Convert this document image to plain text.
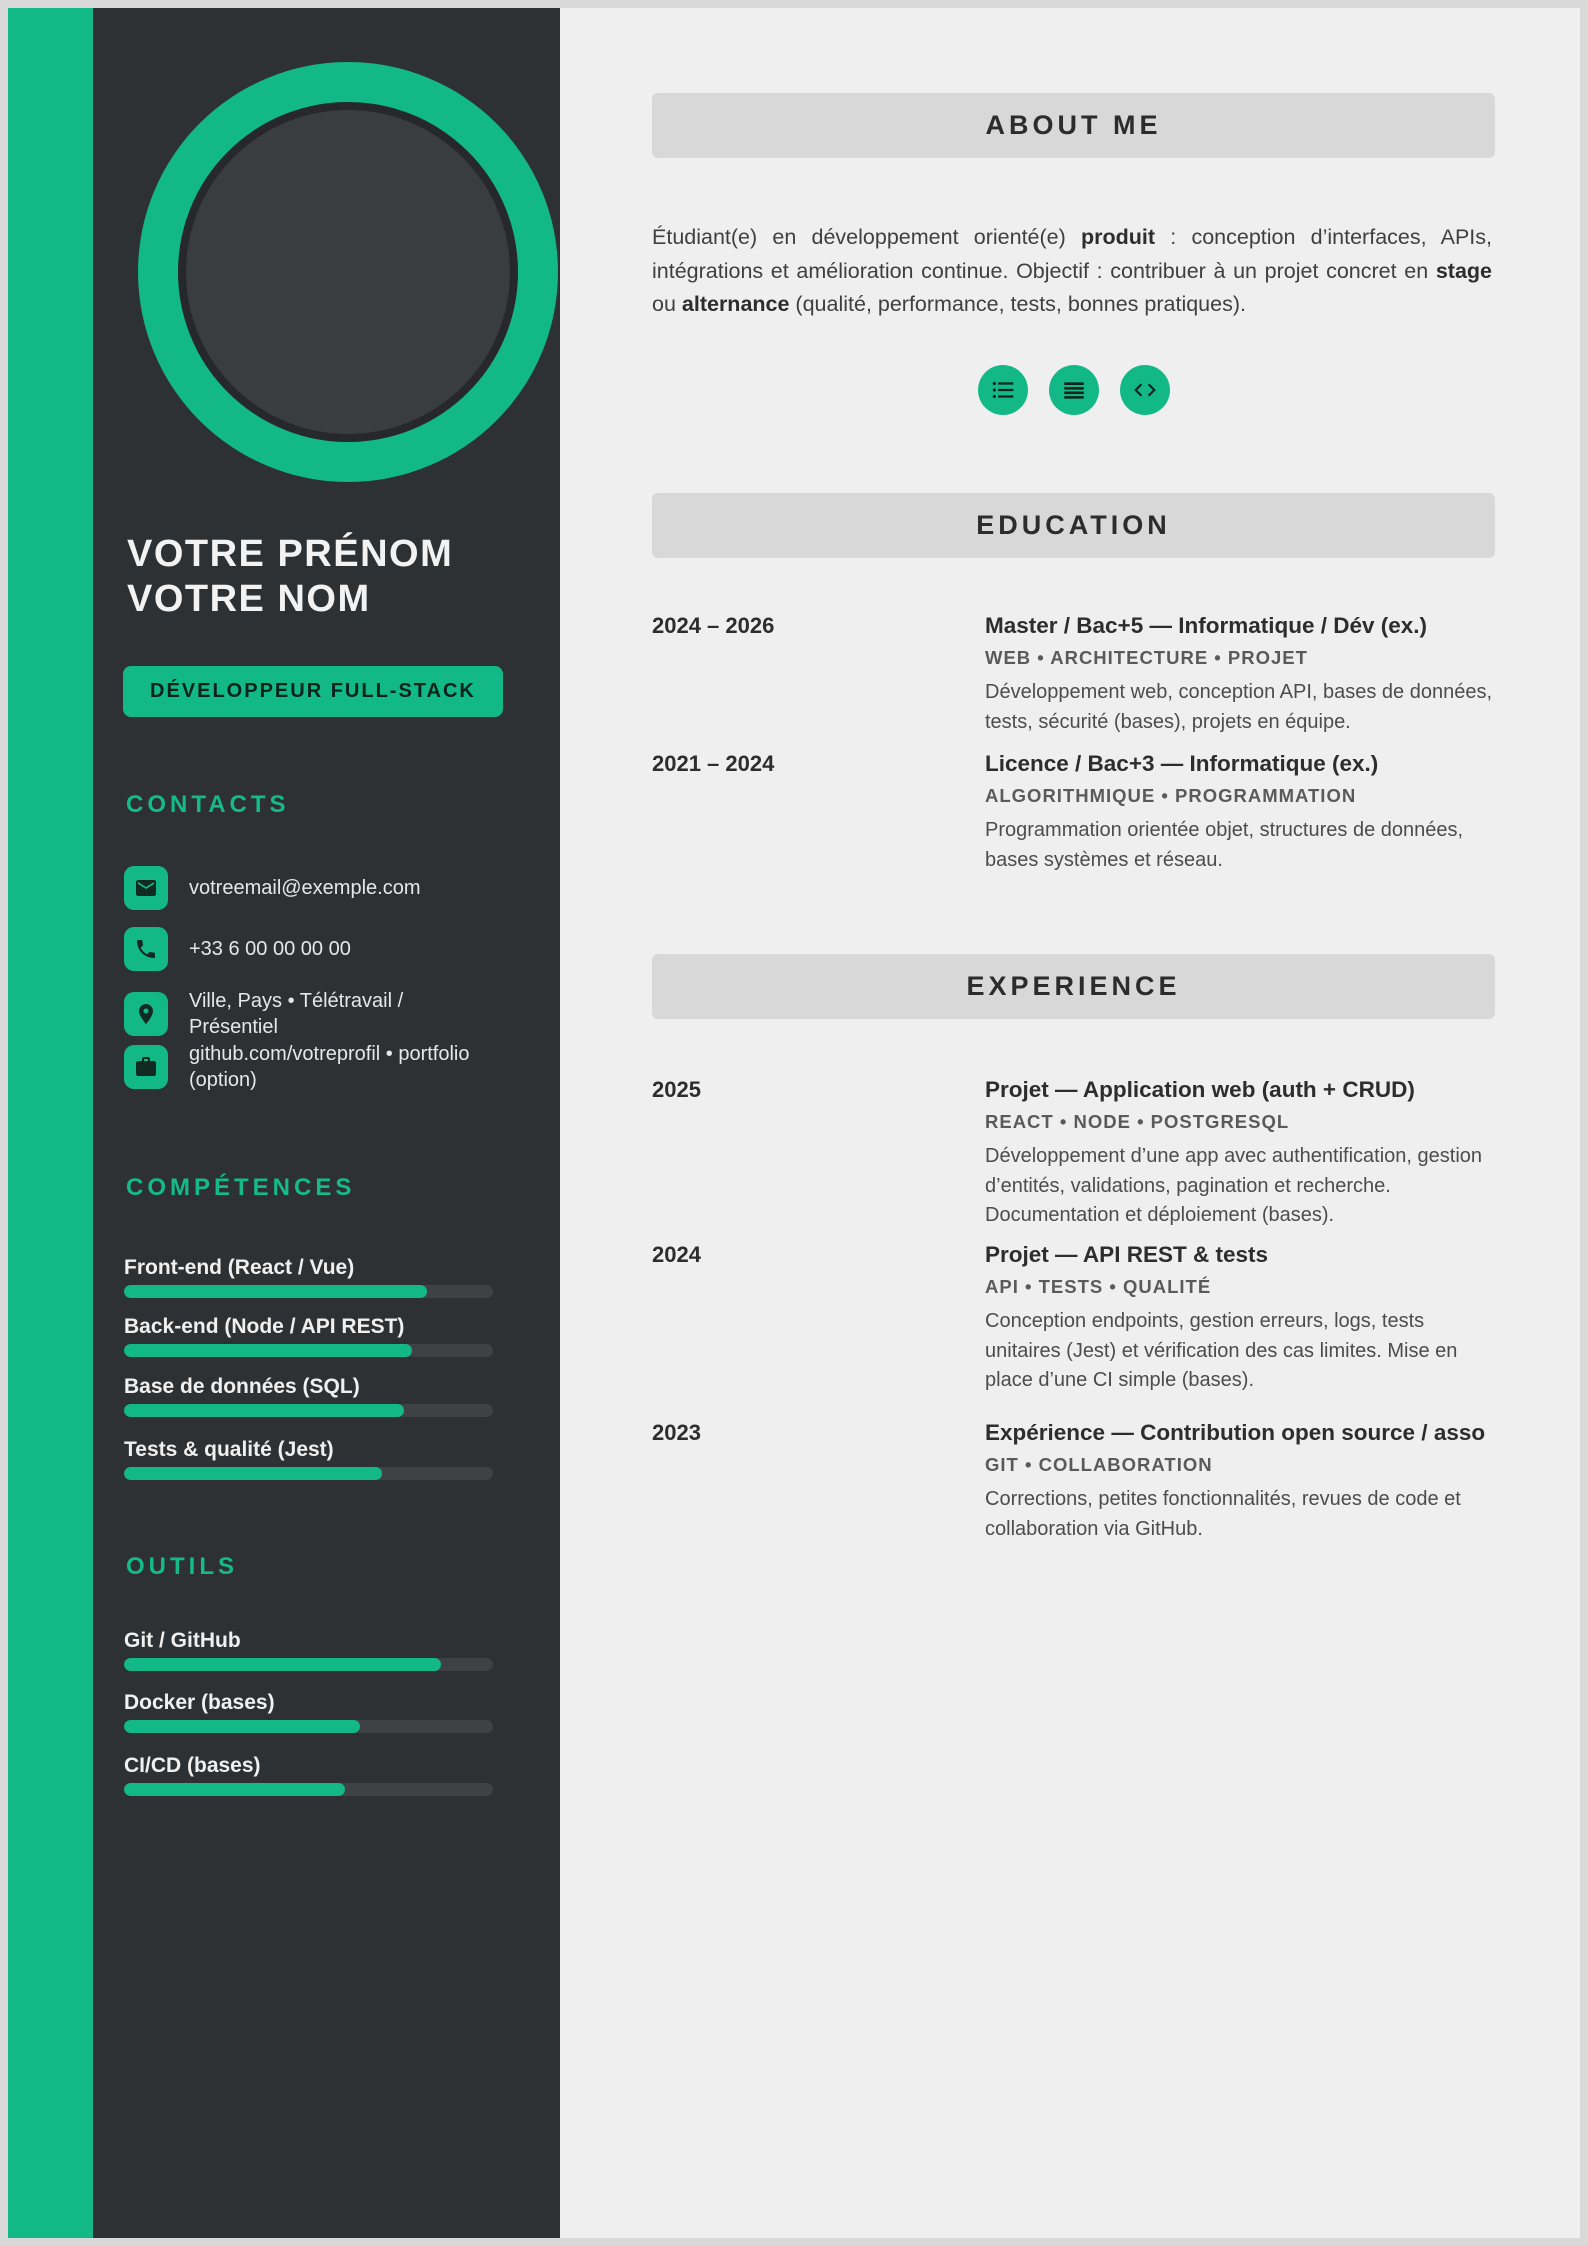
VOTRE PRÉNOM
VOTRE NOM
DÉVELOPPEUR FULL-STACK
CONTACTS
votreemail@exemple.com
+33 6 00 00 00 00
Ville, Pays • Télétravail / Présentiel
github.com/votreprofil • portfolio (option)
COMPÉTENCES
Front-end (React / Vue)
Back-end (Node / API REST)
Base de données (SQL)
Tests & qualité (Jest)
OUTILS
Git / GitHub
Docker (bases)
CI/CD (bases)
ABOUT ME

Étudiant(e) en développement orienté(e) produit : conception d’interfaces, APIs, intégrations et amélioration continue. Objectif : contribuer à un projet concret en stage ou alternance (qualité, performance, tests, bonnes pratiques).

EDUCATION
2024 – 2026	Master / Bac+5 — Informatique / Dév (ex.)
WEB • ARCHITECTURE • PROJET

Développement web, conception API, bases de données, tests, sécurité (bases), projets en équipe.

2021 – 2024	Licence / Bac+3 — Informatique (ex.)
ALGORITHMIQUE • PROGRAMMATION

Programmation orientée objet, structures de données, bases systèmes et réseau.

EXPERIENCE
2025	Projet — Application web (auth + CRUD)
REACT • NODE • POSTGRESQL

Développement d’une app avec authentification, gestion d’entités, validations, pagination et recherche. Documentation et déploiement (bases).

2024	Projet — API REST & tests
API • TESTS • QUALITÉ

Conception endpoints, gestion erreurs, logs, tests unitaires (Jest) et vérification des cas limites. Mise en place d’une CI simple (bases).

2023	Expérience — Contribution open source / asso
GIT • COLLABORATION

Corrections, petites fonctionnalités, revues de code et collaboration via GitHub.
